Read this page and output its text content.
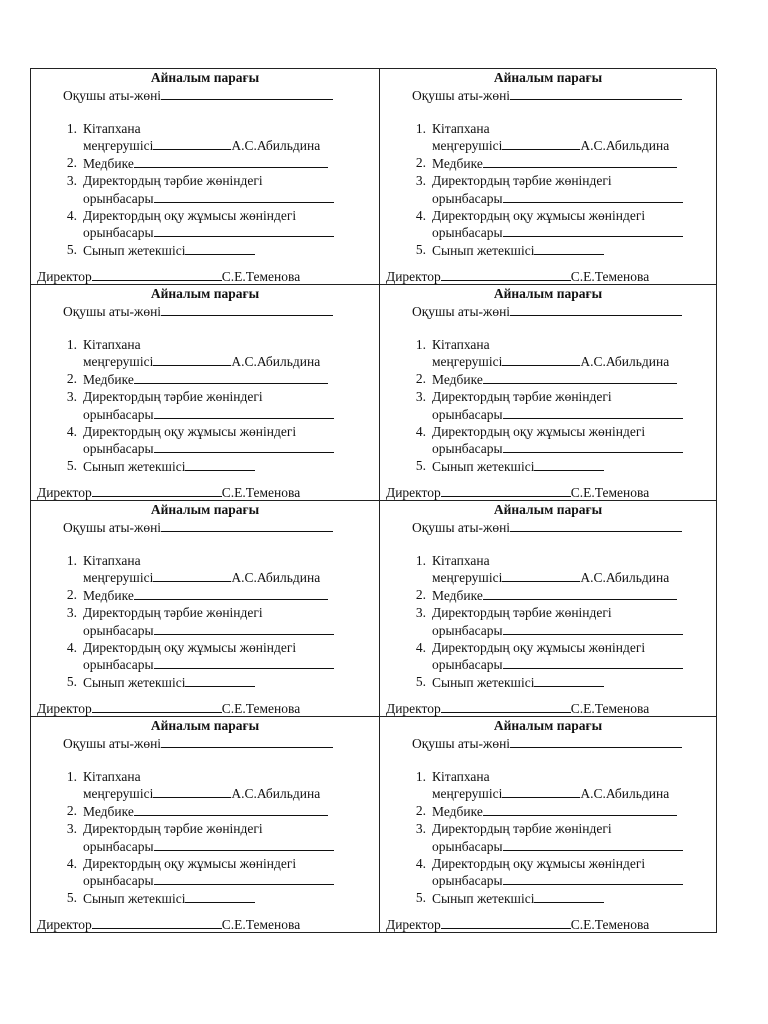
Айналым парағы
Оқушы аты-жөні
1. Кітапхана
меңгерушісі	А.С.Абильдина
2. Медбике
3. Директордың тәрбие жөніндегі
орынбасары
4. Директордың оқу жұмысы жөніндегі
орынбасары
5. Сынып жетекшісі
Директор	С.Е.Теменова
Айналым парағы
Оқушы аты-жөні
1. Кітапхана
меңгерушісі	А.С.Абильдина
2. Медбике
3. Директордың тәрбие жөніндегі
орынбасары
4. Директордың оқу жұмысы жөніндегі
орынбасары
5. Сынып жетекшісі
Директор	С.Е.Теменова
Айналым парағы
Оқушы аты-жөні
1. Кітапхана
меңгерушісі	А.С.Абильдина
2. Медбике
3. Директордың тәрбие жөніндегі
орынбасары
4. Директордың оқу жұмысы жөніндегі
орынбасары
5. Сынып жетекшісі
Директор	С.Е.Теменова
Айналым парағы
Оқушы аты-жөні
1. Кітапхана
меңгерушісі	А.С.Абильдина
2. Медбике
3. Директордың тәрбие жөніндегі
орынбасары
4. Директордың оқу жұмысы жөніндегі
орынбасары
5. Сынып жетекшісі
Директор	С.Е.Теменова
Айналым парағы
Оқушы аты-жөні
1. Кітапхана
меңгерушісі	А.С.Абильдина
2. Медбике
3. Директордың тәрбие жөніндегі
орынбасары
4. Директордың оқу жұмысы жөніндегі
орынбасары
5. Сынып жетекшісі
Директор	С.Е.Теменова
Айналым парағы
Оқушы аты-жөні
1. Кітапхана
меңгерушісі	А.С.Абильдина
2. Медбике
3. Директордың тәрбие жөніндегі
орынбасары
4. Директордың оқу жұмысы жөніндегі
орынбасары
5. Сынып жетекшісі
Директор	С.Е.Теменова
Айналым парағы
Оқушы аты-жөні
1. Кітапхана
меңгерушісі	А.С.Абильдина
2. Медбике
3. Директордың тәрбие жөніндегі
орынбасары
4. Директордың оқу жұмысы жөніндегі
орынбасары
5. Сынып жетекшісі
Директор	С.Е.Теменова
Айналым парағы
Оқушы аты-жөні
1. Кітапхана
меңгерушісі	А.С.Абильдина
2. Медбике
3. Директордың тәрбие жөніндегі
орынбасары
4. Директордың оқу жұмысы жөніндегі
орынбасары
5. Сынып жетекшісі
Директор	С.Е.Теменова
